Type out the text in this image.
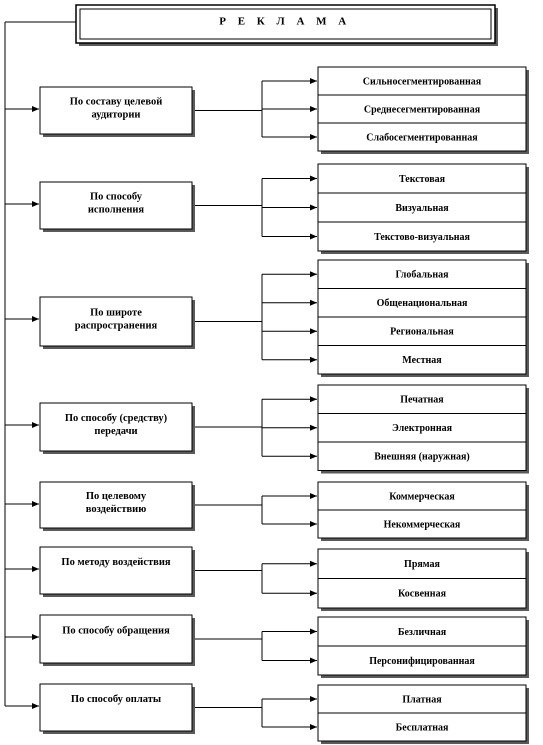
Р Е К Л А М А
По составу целевой
аудитории
Сильносегментированная
Среднесегментированная
Слабосегментированная
По способу
исполнения
Текстовая
Визуальная
Текстово-визуальная
По широте
распространения
Глобальная
Общенациональная
Региональная
Местная
По способу (средству)
передачи
Печатная
Электронная
Внешняя (наружная)
По целевому
воздействию
Коммерческая
Некоммерческая
По методу воздействия	Прямая
Косвенная
По способу обращения	Безличная
Персонифицированная
По способу оплаты	Платная
Бесплатная
